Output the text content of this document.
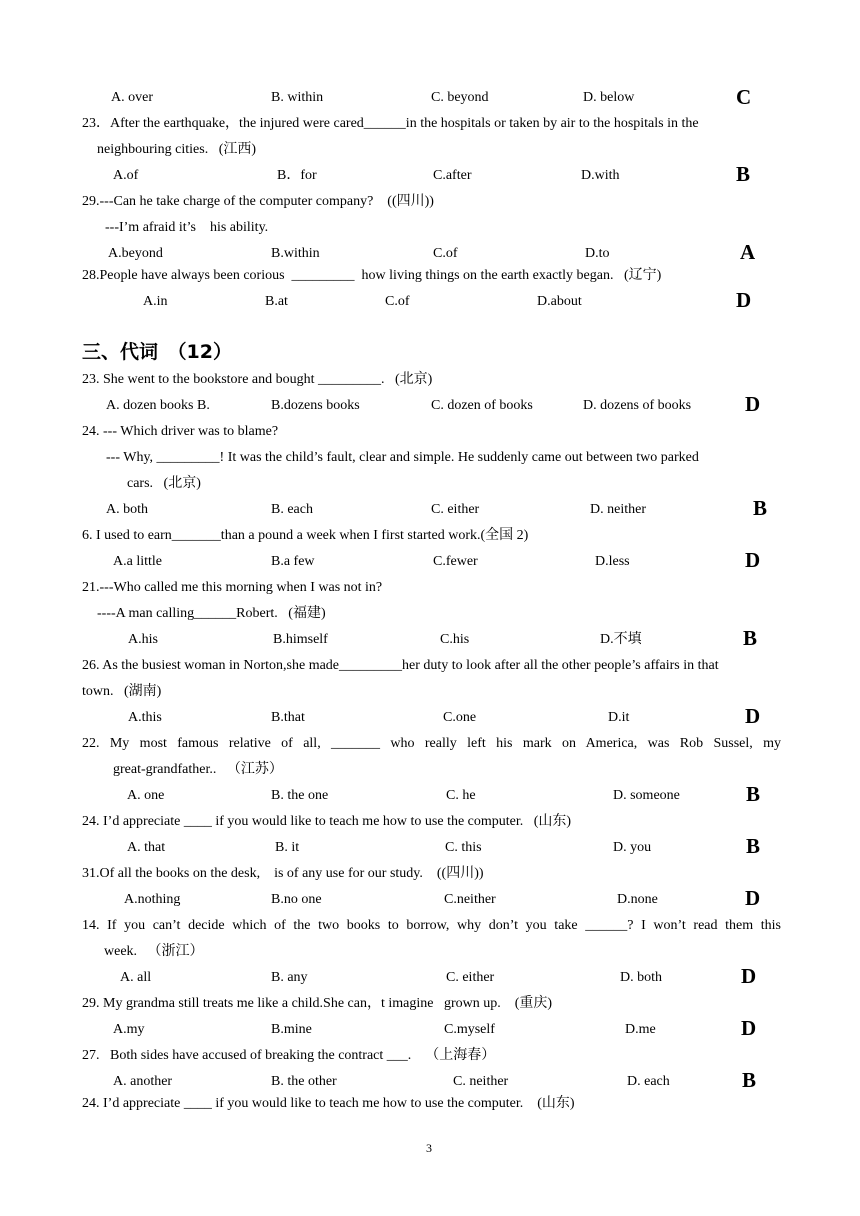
A. over	B. within	C. beyond	D. below	C
23．After the earthquake，the injured were cared______in the hospitals or taken by air to the hospitals in the
neighbouring cities.   (江西)
A.of	B．for	C.after	D.with	B
29.---Can he take charge of the computer company?    ((四川))
---I’m afraid it’s    his ability.
A.beyond	B.within	C.of	D.to	A
28.People have always been corious  _________  how living things on the earth exactly began.   (辽宁)
A.in	B.at	C.of	D.about	D
三、代词　（12）
23. She went to the bookstore and bought _________.   (北京)
A. dozen books B.	B.dozens books	C. dozen of books	D. dozens of books	D
24. --- Which driver was to blame?
--- Why, _________! It was the child’s fault, clear and simple. He suddenly came out between two parked
cars.   (北京)
A. both	B. each	C. either	D. neither	B
6. I used to earn_______than a pound a week when I first started work.(全国 2)
A.a little	B.a few	C.fewer	D.less	D
21.---Who called me this morning when I was not in?
----A man calling______Robert.   (福建)
A.his	B.himself	C.his	D.不填	B
26. As the busiest woman in Norton,she made_________her duty to look after all the other people’s affairs in that
town.   (湖南)
A.this	B.that	C.one	D.it	D
22. My most famous relative of all, _______ who really left his mark on America, was Rob Sussel, my
great-grandfather..   （江苏）
A. one	B. the one	C. he	D. someone	B
24. I’d appreciate ____ if you would like to teach me how to use the computer.   (山东)
A. that	B. it	C. this	D. you	B
31.Of all the books on the desk,    is of any use for our study.    ((四川))
A.nothing	B.no one	C.neither	D.none	D
14. If you can’t decide which of the two books to borrow, why don’t you take ______? I won’t read them this
week.   （浙江）
A. all	B. any	C. either	D. both	D
29. My grandma still treats me like a child.She can，t imagine   grown up.    (重庆)
A.my	B.mine	C.myself	D.me	D
27.   Both sides have accused of breaking the contract ___.    （上海春）
A. another	B. the other	C. neither	D. each	B
24. I’d appreciate ____ if you would like to teach me how to use the computer.    (山东)
3
